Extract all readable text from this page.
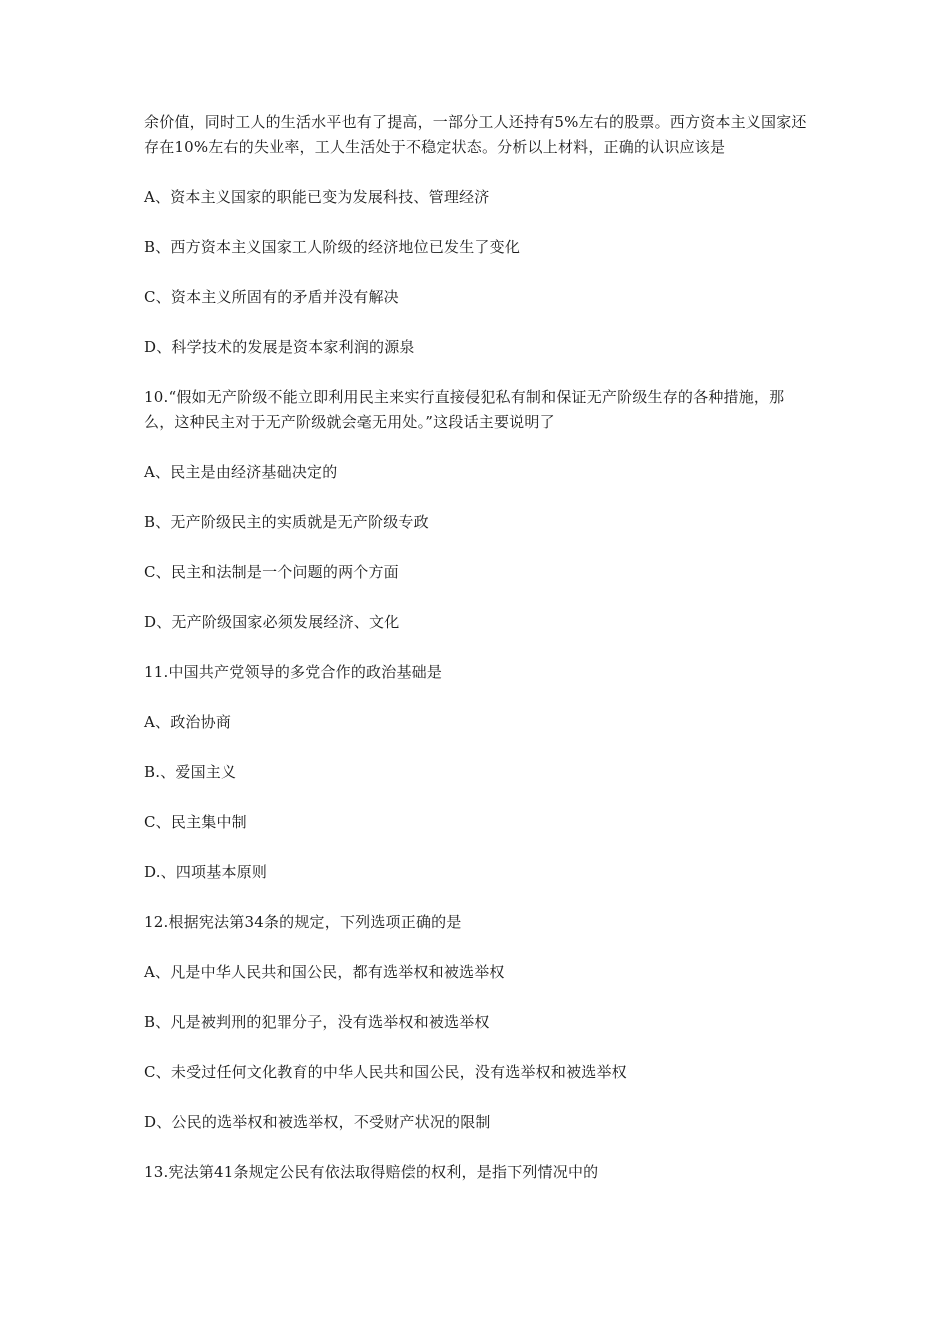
余价值，同时工人的生活水平也有了提高，一部分工人还持有5%左右的股票。西方资本主义国家还存在10%左右的失业率，工人生活处于不稳定状态。分析以上材料，正确的认识应该是

A、资本主义国家的职能已变为发展科技、管理经济

B、西方资本主义国家工人阶级的经济地位已发生了变化

C、资本主义所固有的矛盾并没有解决

D、科学技术的发展是资本家利润的源泉

10.“假如无产阶级不能立即利用民主来实行直接侵犯私有制和保证无产阶级生存的各种措施，那么，这种民主对于无产阶级就会毫无用处。”这段话主要说明了

A、民主是由经济基础决定的

B、无产阶级民主的实质就是无产阶级专政

C、民主和法制是一个问题的两个方面

D、无产阶级国家必须发展经济、文化

11.中国共产党领导的多党合作的政治基础是

A、政治协商

B.、爱国主义

C、民主集中制

D.、四项基本原则

12.根据宪法第34条的规定，下列选项正确的是

A、凡是中华人民共和国公民，都有选举权和被选举权

B、凡是被判刑的犯罪分子，没有选举权和被选举权

C、未受过任何文化教育的中华人民共和国公民，没有选举权和被选举权

D、公民的选举权和被选举权，不受财产状况的限制

13.宪法第41条规定公民有依法取得赔偿的权利，是指下列情况中的
